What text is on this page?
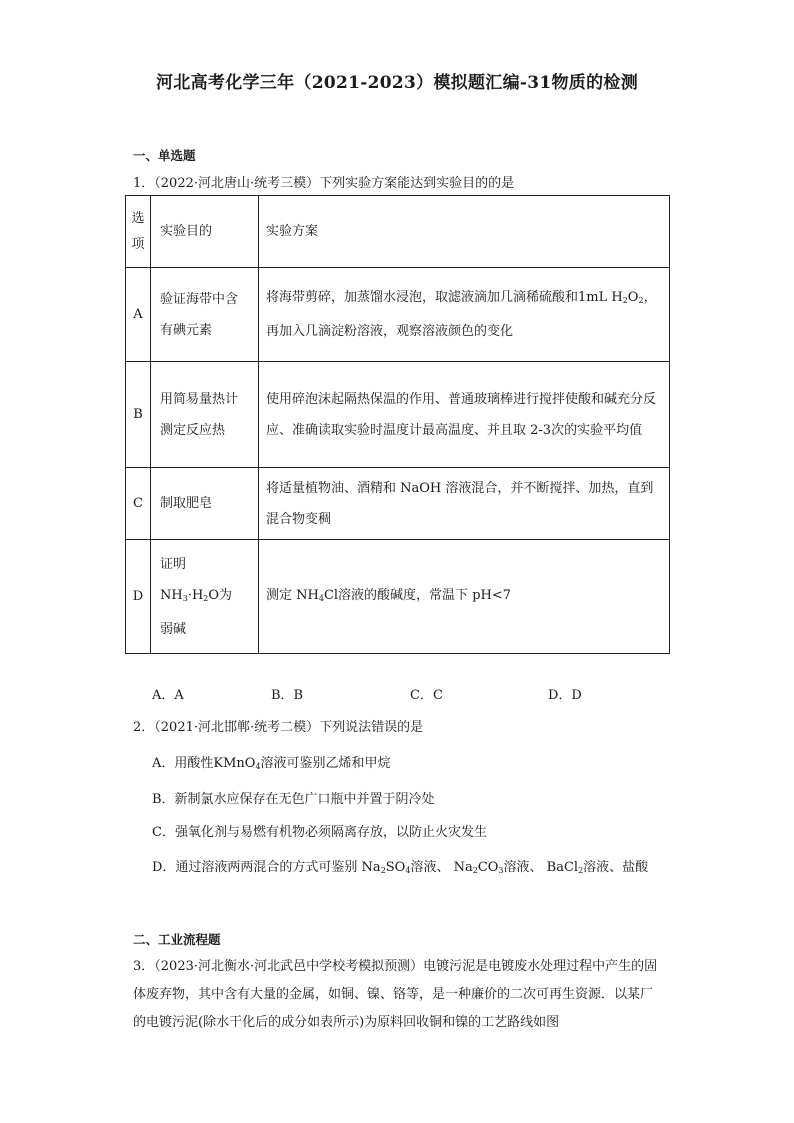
河北高考化学三年（2021-2023）模拟题汇编-31物质的检测
一、单选题
1．（2022·河北唐山·统考三模）下列实验方案能达到实验目的的是
选项	实验目的	实验方案
A	验证海带中含有碘元素	将海带剪碎，加蒸馏水浸泡，取滤液滴加几滴稀硫酸和1mL $H_2O_2$，
再加入几滴淀粉溶液，观察溶液颜色的变化

B	用简易量热计测定反应热	使用碎泡沫起隔热保温的作用、普通玻璃棒进行搅拌使酸和碱充分反应、准确读取实验时温度计最高温度、并且取 2-3次的实验平均值

C	制取肥皂	将适量植物油、酒精和 NaOH 溶液混合，并不断搅拌、加热，直到混合物变稠

D	证明
$NH_3\cdot H_2O$为
弱碱	测定 $NH_4Cl$溶液的酸碱度，常温下 pH<7
A．A	B．B	C．C	D．D
2．（2021·河北邯郸·统考二模）下列说法错误的是
A．用酸性KMnO$_4$溶液可鉴别乙烯和甲烷
B．新制氯水应保存在无色广口瓶中并置于阴冷处
C．强氧化剂与易燃有机物必须隔离存放，以防止火灾发生
D．通过溶液两两混合的方式可鉴别 $Na_2SO_4$溶液、 $Na_2CO_3$溶液、 BaCl$_2$溶液、盐酸
二、工业流程题
3．（2023·河北衡水·河北武邑中学校考模拟预测）电镀污泥是电镀废水处理过程中产生的固体废弃物，其中含有大量的金属，如铜、镍、铬等，是一种廉价的二次可再生资源．以某厂的电镀污泥(除水干化后的成分如表所示)为原料回收铜和镍的工艺路线如图
